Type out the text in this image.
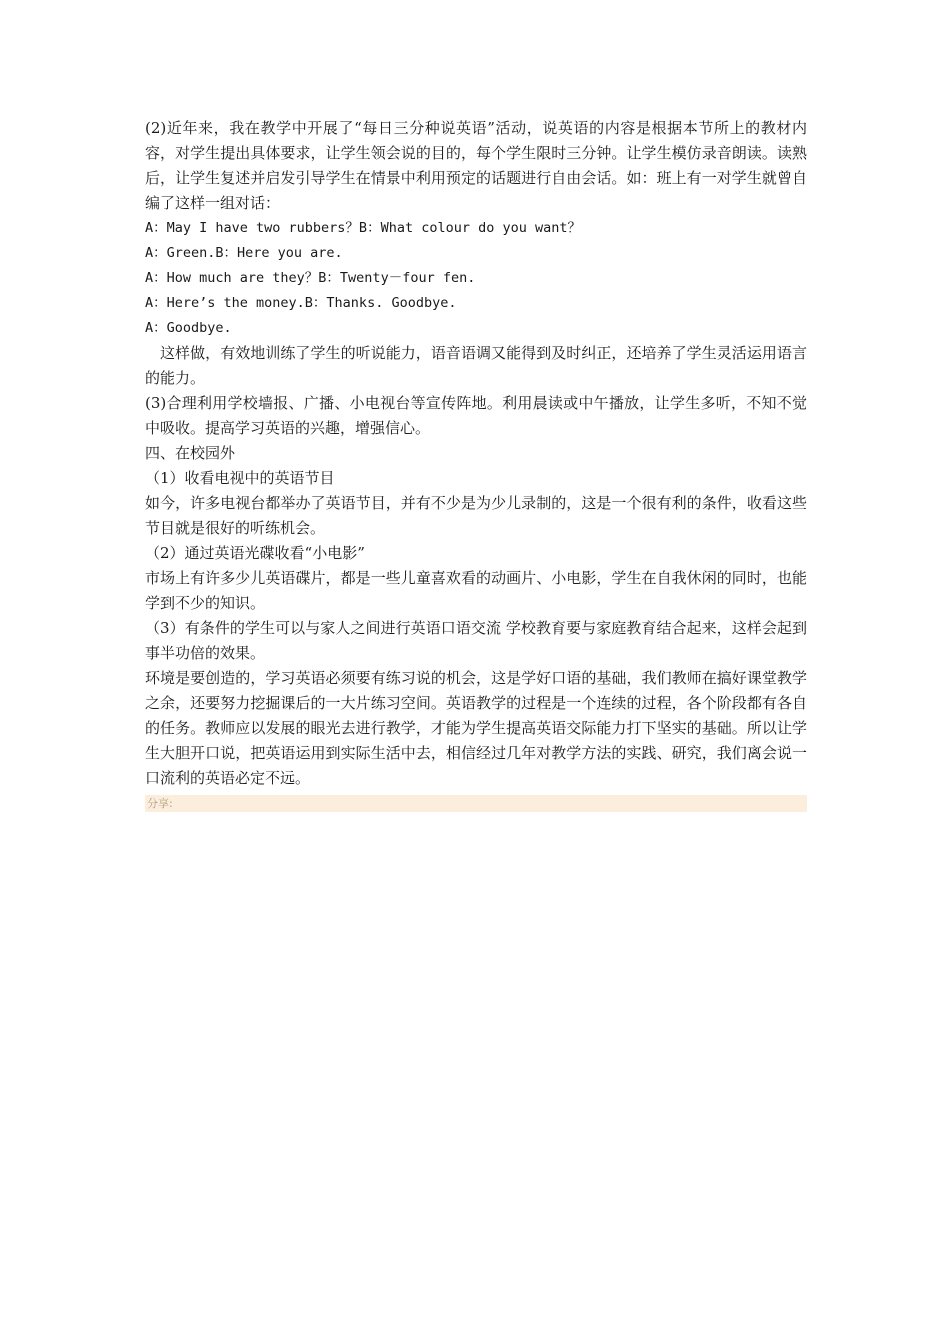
(2)近年来，我在教学中开展了“每日三分种说英语”活动，说英语的内容是根据本节所上的教材内容，对学生提出具体要求，让学生领会说的目的，每个学生限时三分钟。让学生模仿录音朗读。读熟后，让学生复述并启发引导学生在情景中利用预定的话题进行自由会话。如：班上有一对学生就曾自编了这样一组对话：

A：May I have two rubbers？B：What colour do you want？

A：Green.B：Here you are.

A：How much are they？B：Twenty－four fen.

A：Here’s the money.B：Thanks. Goodbye.

A：Goodbye.

这样做，有效地训练了学生的听说能力，语音语调又能得到及时纠正，还培养了学生灵活运用语言的能力。

(3)合理利用学校墙报、广播、小电视台等宣传阵地。利用晨读或中午播放，让学生多听，不知不觉中吸收。提高学习英语的兴趣，增强信心。

四、在校园外

（1）收看电视中的英语节目

如今，许多电视台都举办了英语节目，并有不少是为少儿录制的，这是一个很有利的条件，收看这些节目就是很好的听练机会。

（2）通过英语光碟收看“小电影”

市场上有许多少儿英语碟片，都是一些儿童喜欢看的动画片、小电影，学生在自我休闲的同时，也能学到不少的知识。

（3）有条件的学生可以与家人之间进行英语口语交流 学校教育要与家庭教育结合起来，这样会起到事半功倍的效果。

环境是要创造的，学习英语必须要有练习说的机会，这是学好口语的基础，我们教师在搞好课堂教学之余，还要努力挖掘课后的一大片练习空间。英语教学的过程是一个连续的过程，各个阶段都有各自的任务。教师应以发展的眼光去进行教学，才能为学生提高英语交际能力打下坚实的基础。所以让学生大胆开口说，把英语运用到实际生活中去，相信经过几年对教学方法的实践、研究，我们离会说一口流利的英语必定不远。

分享:
